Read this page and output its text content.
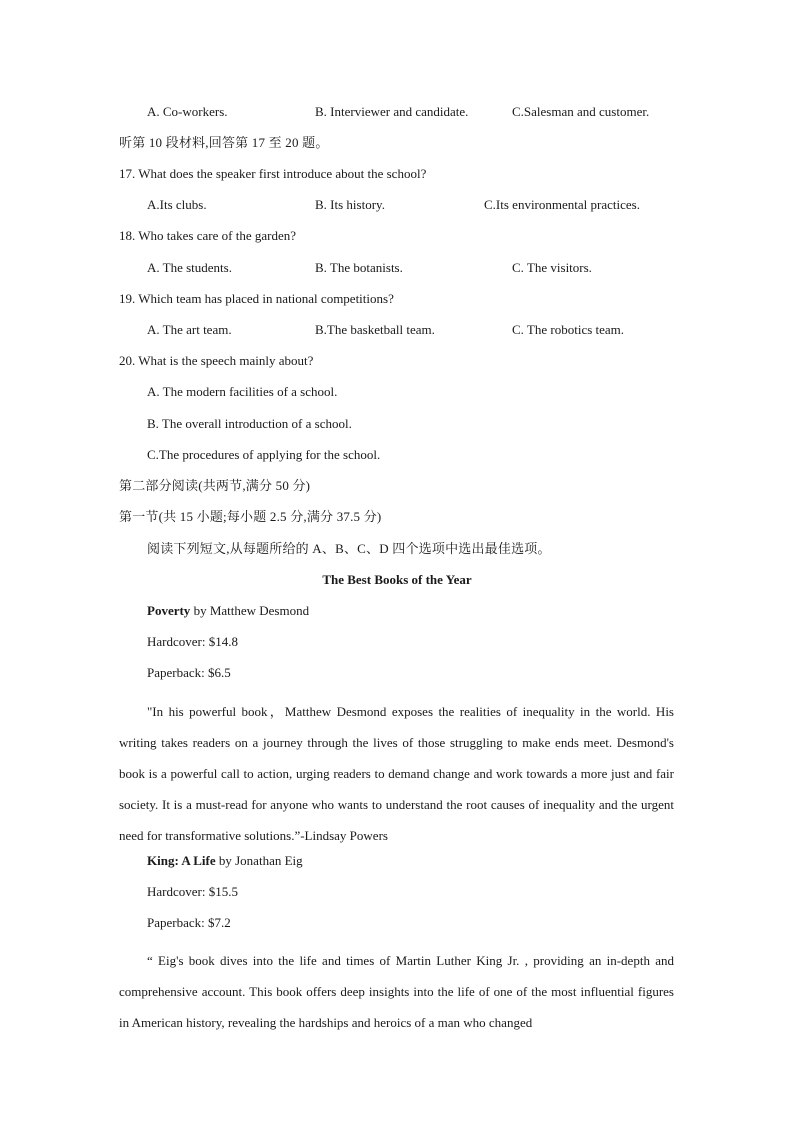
A. Co-workers.	B. Interviewer and candidate.	C.Salesman and customer.

听第 10 段材料,回答第 17 至 20 题。

17. What does the speaker first introduce about the school?

A.Its clubs.	B. Its history.	C.Its environmental practices.

18. Who takes care of the garden?

A. The students.	B. The botanists.	C. The visitors.

19. Which team has placed in national competitions?

A. The art team.	B.The basketball team.	C. The robotics team.

20. What is the speech mainly about?

A. The modern facilities of a school.

B. The overall introduction of a school.

C.The procedures of applying for the school.

第二部分阅读(共两节,满分 50 分)

第一节(共 15 小题;每小题 2.5 分,满分 37.5 分)

阅读下列短文,从每题所给的 A、B、C、D 四个选项中选出最佳选项。

The Best Books of the Year

Poverty by Matthew Desmond

Hardcover: $14.8

Paperback: $6.5

"In his powerful book，Matthew Desmond exposes the realities of inequality in the world. His writing takes readers on a journey through the lives of those struggling to make ends meet. Desmond's book is a powerful call to action, urging readers to demand change and work towards a more just and fair society. It is a must-read for anyone who wants to understand the root causes of inequality and the urgent need for transformative solutions.”-Lindsay Powers

King: A Life by Jonathan Eig

Hardcover: $15.5

Paperback: $7.2

“ Eig's book dives into the life and times of Martin Luther King Jr. , providing an in-depth and comprehensive account. This book offers deep insights into the life of one of the most influential figures in American history, revealing the hardships and heroics of a man who changed
